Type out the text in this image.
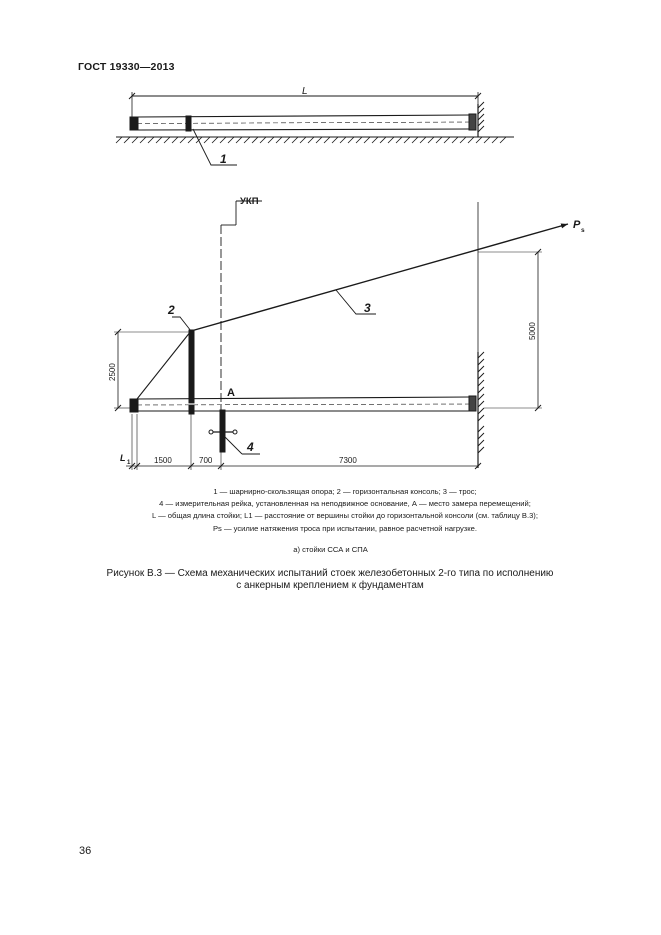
ГОСТ 19330—2013
L
1
УКП
P s
2	3
4
A
2500
5000
L 1	1500	700	7300
1 — шарнирно-скользящая опора; 2 — горизонтальная консоль; 3 — трос;
4 — измерительная рейка, установленная на неподвижное основание, А — место замера перемещений;
L — общая длина стойки; L1 — расстояние от вершины стойки до горизонтальной консоли (см. таблицу В.3);
Ps — усилие натяжения троса при испытании, равное расчетной нагрузке.
а) стойки ССА и СПА
Рисунок В.3 — Схема механических испытаний стоек железобетонных 2-го типа по исполнению
с анкерным креплением к фундаментам
36
